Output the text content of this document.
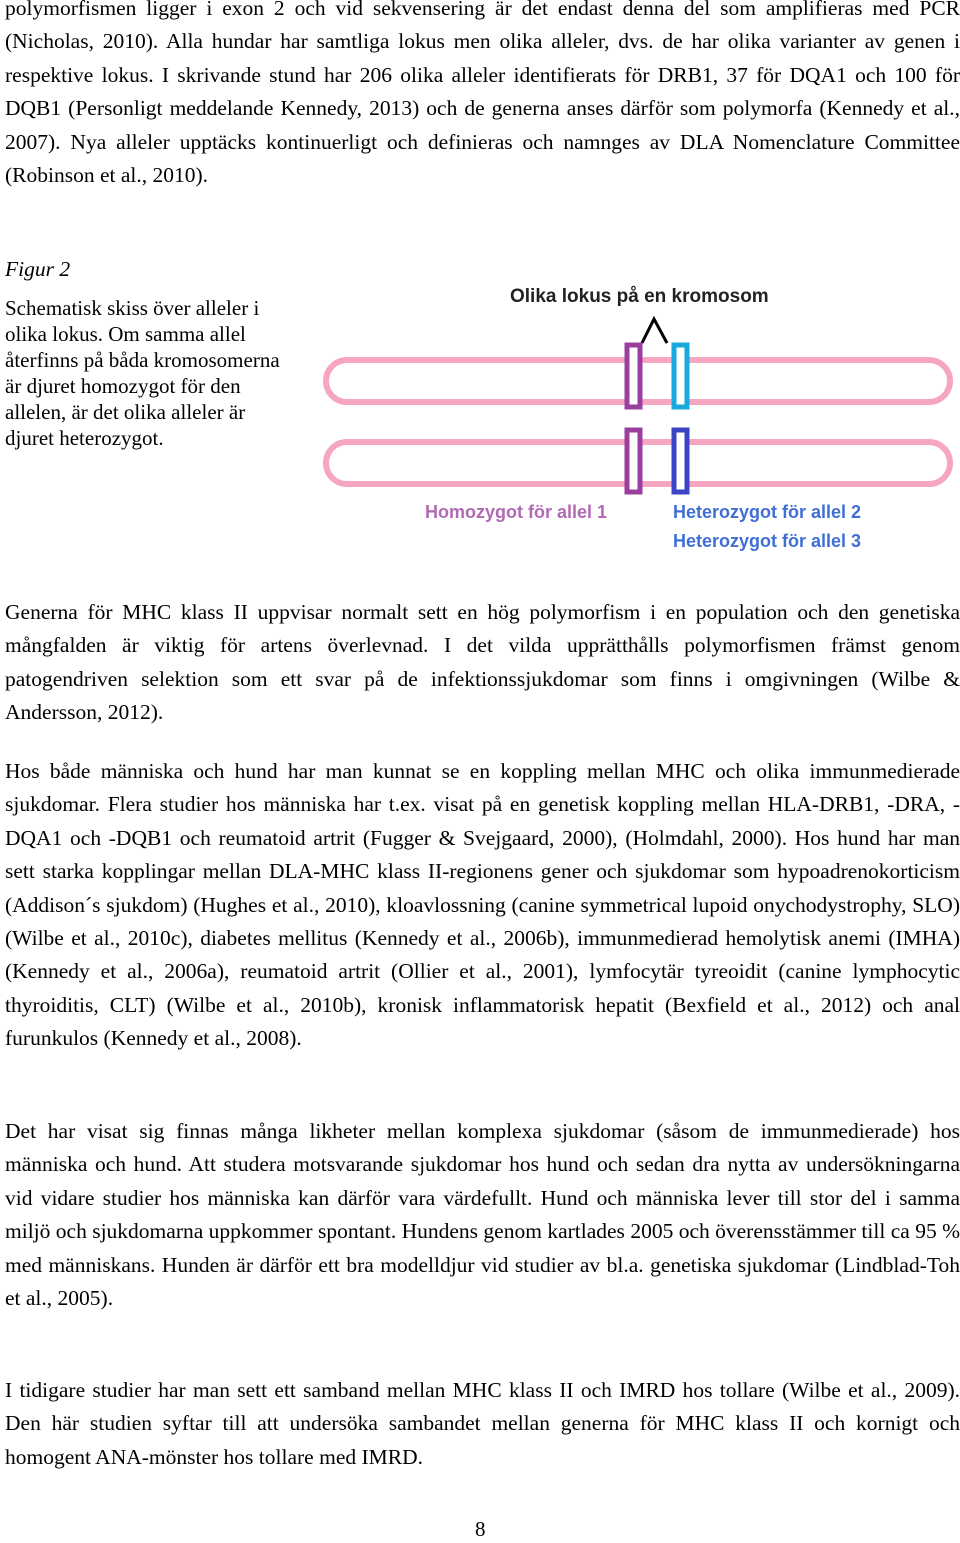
polymorfismen ligger i exon 2 och vid sekvensering är det endast denna del som amplifieras med PCR (Nicholas, 2010). Alla hundar har samtliga lokus men olika alleler, dvs. de har olika varianter av genen i respektive lokus. I skrivande stund har 206 olika alleler identifierats för DRB1, 37 för DQA1 och 100 för DQB1 (Personligt meddelande Kennedy, 2013) och de generna anses därför som polymorfa (Kennedy et al., 2007). Nya alleler upptäcks kontinuerligt och definieras och namnges av DLA Nomenclature Committee (Robinson et al., 2010).

Figur 2

Schematisk skiss över alleler i olika lokus. Om samma allel återfinns på båda kromosomerna är djuret homozygot för den allelen, är det olika alleler är djuret heterozygot.

Olika lokus på en kromosom
Homozygot för allel 1	Heterozygot för allel 2
Heterozygot för allel 3

Generna för MHC klass II uppvisar normalt sett en hög polymorfism i en population och den genetiska mångfalden är viktig för artens överlevnad. I det vilda upprätthålls polymorfismen främst genom patogendriven selektion som ett svar på de infektionssjukdomar som finns i omgivningen (Wilbe & Andersson, 2012).

Hos både människa och hund har man kunnat se en koppling mellan MHC och olika immunmedierade sjukdomar. Flera studier hos människa har t.ex. visat på en genetisk koppling mellan HLA-DRB1, -DRA, -DQA1 och -DQB1 och reumatoid artrit (Fugger & Svejgaard, 2000), (Holmdahl, 2000). Hos hund har man sett starka kopplingar mellan DLA-MHC klass II-regionens gener och sjukdomar som hypoadrenokorticism (Addison´s sjukdom) (Hughes et al., 2010), kloavlossning (canine symmetrical lupoid onychodystrophy, SLO) (Wilbe et al., 2010c), diabetes mellitus (Kennedy et al., 2006b), immunmedierad hemolytisk anemi (IMHA) (Kennedy et al., 2006a), reumatoid artrit (Ollier et al., 2001), lymfocytär tyreoidit (canine lymphocytic thyroiditis, CLT) (Wilbe et al., 2010b), kronisk inflammatorisk hepatit (Bexfield et al., 2012) och anal furunkulos (Kennedy et al., 2008).

Det har visat sig finnas många likheter mellan komplexa sjukdomar (såsom de immunmedierade) hos människa och hund. Att studera motsvarande sjukdomar hos hund och sedan dra nytta av undersökningarna vid vidare studier hos människa kan därför vara värdefullt. Hund och människa lever till stor del i samma miljö och sjukdomarna uppkommer spontant. Hundens genom kartlades 2005 och överensstämmer till ca 95 % med människans. Hunden är därför ett bra modelldjur vid studier av bl.a. genetiska sjukdomar (Lindblad-Toh et al., 2005).

I tidigare studier har man sett ett samband mellan MHC klass II och IMRD hos tollare (Wilbe et al., 2009). Den här studien syftar till att undersöka sambandet mellan generna för MHC klass II och kornigt och homogent ANA-mönster hos tollare med IMRD.

8
